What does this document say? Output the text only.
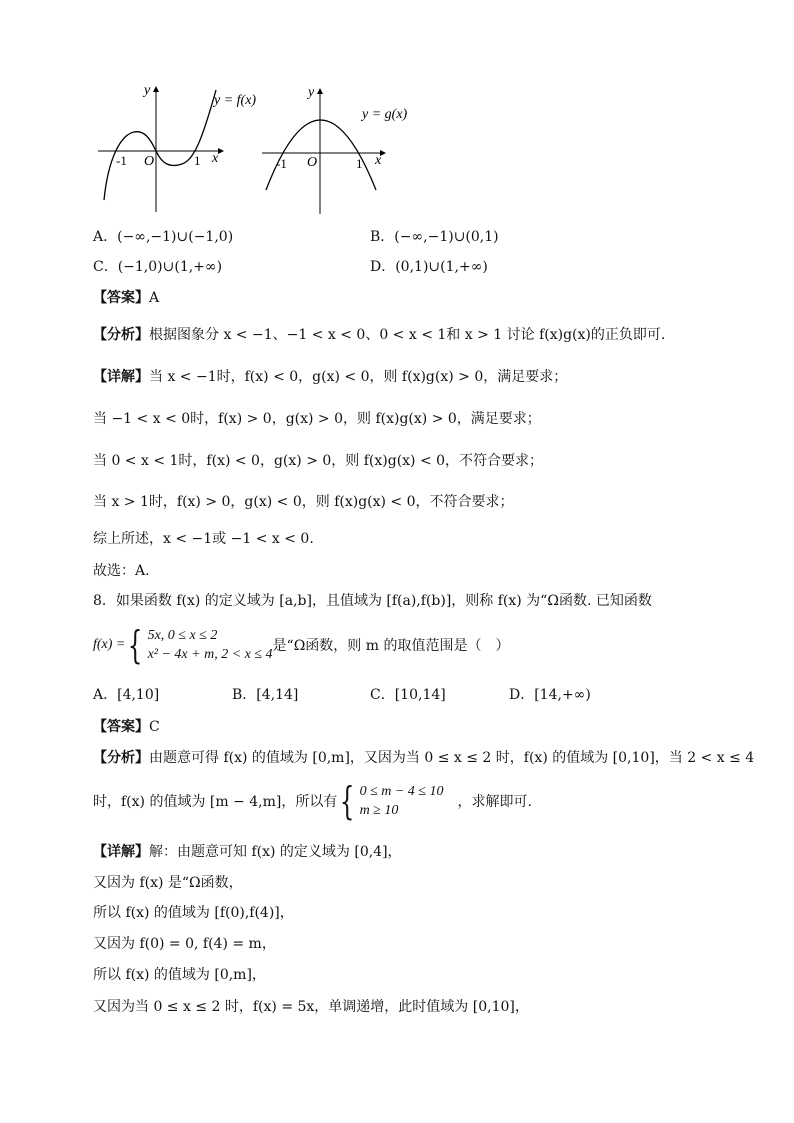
y
x
O
-1	1
y = f(x)
y
x
O
-1	1
y = g(x)
A．(−∞,−1)∪(−1,0)	B．(−∞,−1)∪(0,1)
C．(−1,0)∪(1,+∞)	D．(0,1)∪(1,+∞)
【答案】A
【分析】根据图象分 x < −1、−1 < x < 0、0 < x < 1和 x > 1 讨论 f(x)g(x)的正负即可.
【详解】当 x < −1时，f(x) < 0，g(x) < 0，则 f(x)g(x) > 0，满足要求；
当 −1 < x < 0时，f(x) > 0，g(x) > 0，则 f(x)g(x) > 0，满足要求；
当 0 < x < 1时，f(x) < 0，g(x) > 0，则 f(x)g(x) < 0，不符合要求；
当 x > 1时，f(x) > 0，g(x) < 0，则 f(x)g(x) < 0，不符合要求；
综上所述，x < −1或 −1 < x < 0.
故选：A.
8．如果函数 f(x) 的定义域为 [a,b]，且值域为 [f(a),f(b)]，则称 f(x) 为“Ω函数. 已知函数
f(x) = { 5x, 0 ≤ x ≤ 2
x² − 4x + m, 2 < x ≤ 4
是“Ω函数，则 m 的取值范围是（　）
A．[4,10]	B．[4,14]	C．[10,14]	D．[14,+∞)
【答案】C
【分析】由题意可得 f(x) 的值域为 [0,m]，又因为当 0 ≤ x ≤ 2 时，f(x) 的值域为 [0,10]，当 2 < x ≤ 4
时，f(x) 的值域为 [m − 4,m]，所以有 { 0 ≤ m − 4 ≤ 10
m ≥ 10
，求解即可.
【详解】解：由题意可知 f(x) 的定义域为 [0,4]，
又因为 f(x) 是“Ω函数，
所以 f(x) 的值域为 [f(0),f(4)]，
又因为 f(0) = 0, f(4) = m，
所以 f(x) 的值域为 [0,m]，
又因为当 0 ≤ x ≤ 2 时，f(x) = 5x，单调递增，此时值域为 [0,10]，
